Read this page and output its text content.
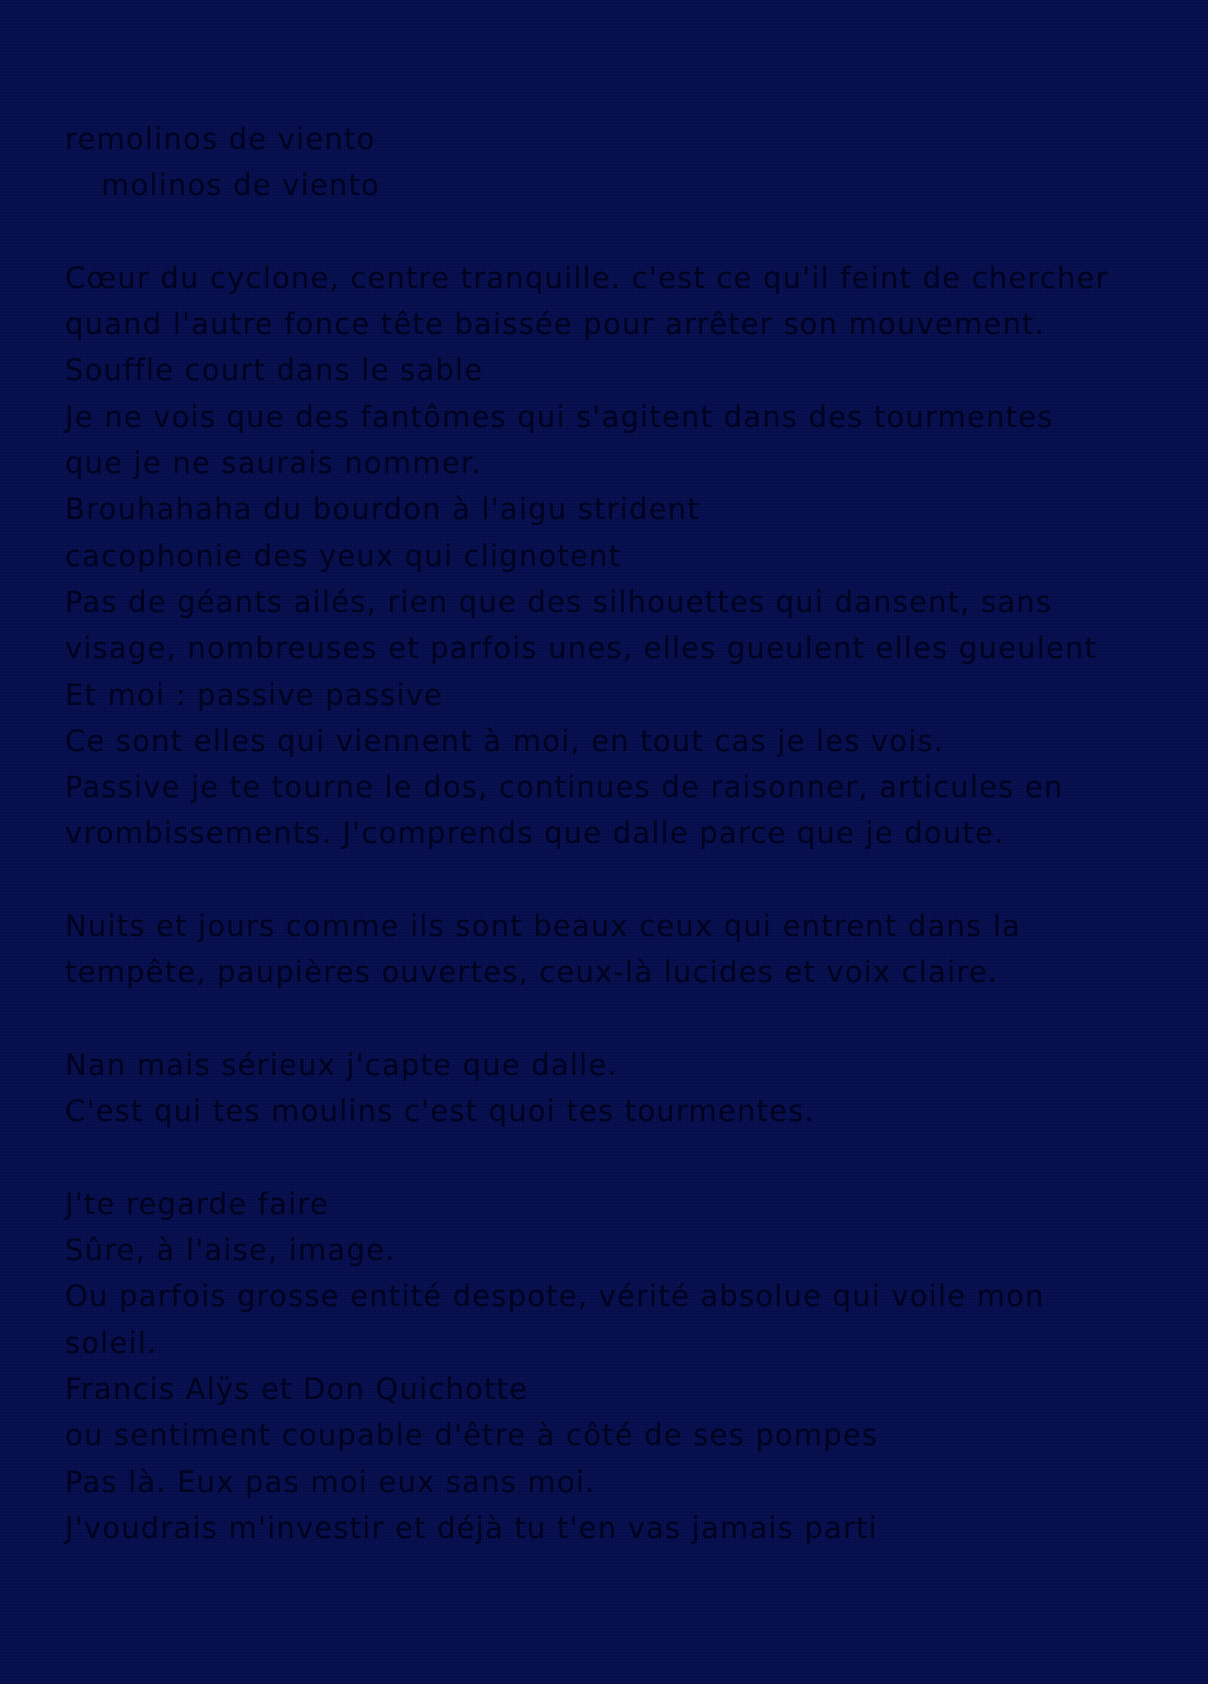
remolinos de viento
molinos de viento
Cœur du cyclone, centre tranquille. c'est ce qu'il feint de chercher
quand l'autre fonce tête baissée pour arrêter son mouvement.
Souffle court dans le sable
Je ne vois que des fantômes qui s'agitent dans des tourmentes
que je ne saurais nommer.
Brouhahaha du bourdon à l'aigu strident
cacophonie des yeux qui clignotent
Pas de géants ailés, rien que des silhouettes qui dansent, sans
visage, nombreuses et parfois unes, elles gueulent elles gueulent
Et moi : passive passive
Ce sont elles qui viennent à moi, en tout cas je les vois.
Passive je te tourne le dos, continues de raisonner, articules en
vrombissements. J'comprends que dalle parce que je doute.
Nuits et jours comme ils sont beaux ceux qui entrent dans la
tempête, paupières ouvertes, ceux-là lucides et voix claire.
Nan mais sérieux j'capte que dalle.
C'est qui tes moulins c'est quoi tes tourmentes.
J'te regarde faire
Sûre, à l'aise, image.
Ou parfois grosse entité despote, vérité absolue qui voile mon
soleil.
Francis Alÿs et Don Quichotte
ou sentiment coupable d'être à côté de ses pompes
Pas là. Eux pas moi eux sans moi.
J'voudrais m'investir et déjà tu t'en vas jamais parti
